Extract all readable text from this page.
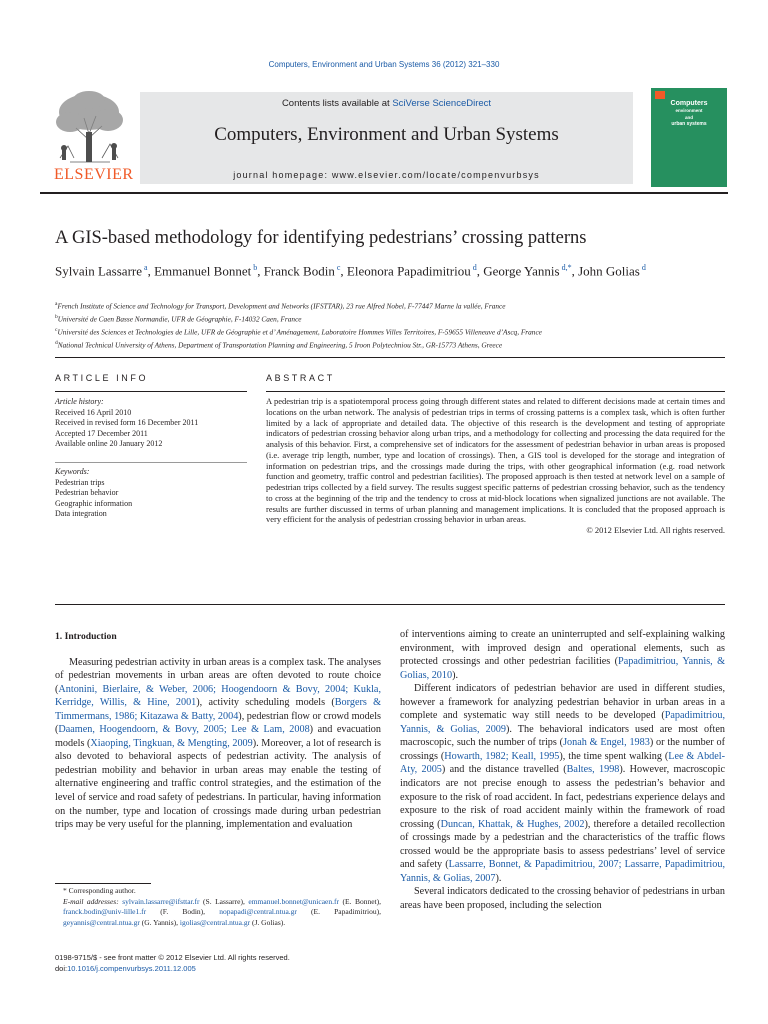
Computers, Environment and Urban Systems 36 (2012) 321–330
ELSEVIER
Contents lists available at SciVerse ScienceDirect
Computers, Environment and Urban Systems
journal homepage: www.elsevier.com/locate/compenvurbsys
Computers
environment
and
urban systems
A GIS-based methodology for identifying pedestrians’ crossing patterns
Sylvain Lassarre $^a$, Emmanuel Bonnet $^b$, Franck Bodin $^c$, Eleonora Papadimitriou $^d$, George Yannis $^{d,*}$, John Golias $^d$
$^a$French Institute of Science and Technology for Transport, Development and Networks (IFSTTAR), 23 rue Alfred Nobel, F-77447 Marne la vallée, France
$^b$Université de Caen Basse Normandie, UFR de Géographie, F-14032 Caen, France
$^c$Université des Sciences et Technologies de Lille, UFR de Géographie et d’ Aménagement, Laboratoire Hommes Villes Territoires, F-59655 Villeneuve d’Ascq, France
$^d$National Technical University of Athens, Department of Transportation Planning and Engineering, 5 Iroon Polytechniou Str., GR-15773 Athens, Greece
ARTICLE INFO	ABSTRACT
Article history:
Received 16 April 2010
Received in revised form 16 December 2011
Accepted 17 December 2011
Available online 20 January 2012
Keywords:
Pedestrian trips
Pedestrian behavior
Geographic information
Data integration
A pedestrian trip is a spatiotemporal process going through different states and related to different decisions made at certain times and locations on the urban network. The analysis of pedestrian trips in terms of crossing patterns is a complex task, which is often further limited by a lack of appropriate and detailed data. The objective of this research is the development and testing of appropriate indicators of pedestrian crossing behavior along urban trips, and a methodology for collecting and processing the data required for the analysis of this behavior. First, a comprehensive set of indicators for the assessment of pedestrian behavior in urban areas is proposed (i.e. average trip length, number, type and location of crossings). Then, a GIS tool is developed for the storage and integration of information on pedestrian trips, and the crossings made during the trips, with other geographical information (e.g. road network function and geometry, traffic control and pedestrian facilities). The proposed approach is then tested at network level on a sample of pedestrian trips collected by a field survey. The results suggest specific patterns of pedestrian crossing behavior, such as the tendency to cross at the beginning of the trip and the tendency to cross at mid-block locations when signalized junctions are not available. The results are further discussed in terms of urban planning and management implications. It is concluded that the proposed approach is very efficient for the analysis of pedestrian crossing behavior in urban areas.
© 2012 Elsevier Ltd. All rights reserved.
1. Introduction

Measuring pedestrian activity in urban areas is a complex task. The analyses of pedestrian movements in urban areas are often devoted to route choice (Antonini, Bierlaire, & Weber, 2006; Hoogendoorn & Bovy, 2004; Kukla, Kerridge, Willis, & Hine, 2001), activity scheduling models (Borgers & Timmermans, 1986; Kitazawa & Batty, 2004), pedestrian flow or crowd models (Daamen, Hoogendoorn, & Bovy, 2005; Lee & Lam, 2008) and evacuation models (Xiaoping, Tingkuan, & Mengting, 2009). Moreover, a lot of research is also devoted to behavioral aspects of pedestrian activity. The analysis of pedestrian mobility and behavior in urban areas may enable the testing of alternative engineering and traffic control strategies, and the estimation of the level of service and road safety of pedestrians. In particular, having information on the number, type and location of crossings made during urban pedestrian trips may be very useful for the planning, implementation and evaluation

of interventions aiming to create an uninterrupted and self-explaining walking environment, with improved design and operational elements, such as protected crossings and other pedestrian facilities (Papadimitriou, Yannis, & Golias, 2010).

Different indicators of pedestrian behavior are used in different studies, however a framework for analyzing pedestrian behavior in urban areas in a complete and systematic way still needs to be developed (Papadimitriou, Yannis, & Golias, 2009). The behavioral indicators used are most often macroscopic, such the number of trips (Jonah & Engel, 1983) or the number of crossings (Howarth, 1982; Keall, 1995), the time spent walking (Lee & Abdel-Aty, 2005) and the distance travelled (Baltes, 1998). However, macroscopic indicators are not precise enough to assess the pedestrian’s behavior and exposure to the risk of road accident. In fact, pedestrians experience delays and exposure to the risk of road accident mainly within the framework of road crossing (Duncan, Khattak, & Hughes, 2002), therefore a detailed recollection of crossings made by a pedestrian and the characteristics of the traffic flows crossed would be the appropriate basis to assess pedestrians’ level of service and safety (Lassarre, Bonnet, & Papadimitriou, 2007; Lassarre, Papadimitriou, Yannis, & Golias, 2007).

Several indicators dedicated to the crossing behavior of pedestrians in urban areas have been proposed, including the selection

* Corresponding author.
E-mail addresses: sylvain.lassarre@ifsttar.fr (S. Lassarre), emmanuel.bonnet@unicaen.fr (E. Bonnet), franck.bodin@univ-lille1.fr (F. Bodin), nopapadi@central.ntua.gr (E. Papadimitriou), geyannis@central.ntua.gr (G. Yannis), igolias@central.ntua.gr (J. Golias).
0198-9715/$ - see front matter © 2012 Elsevier Ltd. All rights reserved.
doi:10.1016/j.compenvurbsys.2011.12.005
